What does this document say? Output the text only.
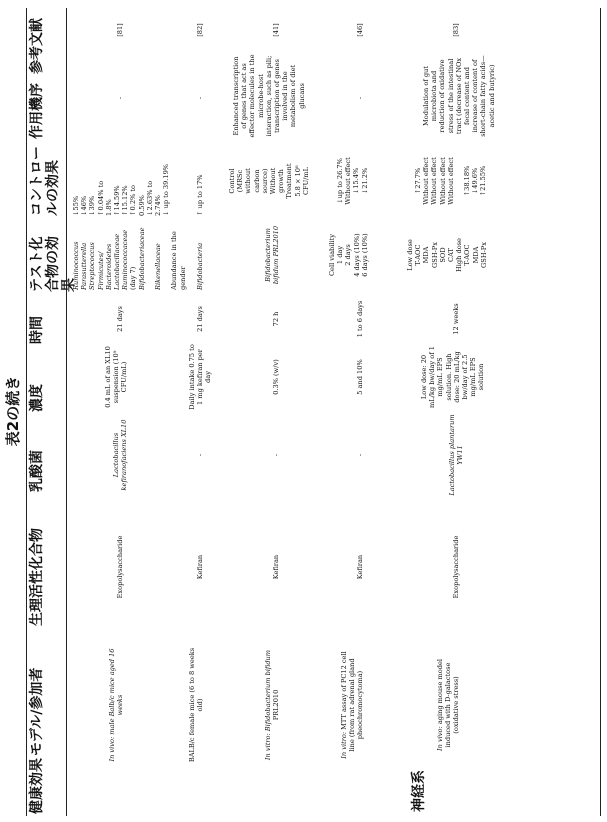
表2の続き
健康効果
モデル/参加者
生理活性化合物
乳酸菌
濃度
時間
テスト化合物の効果
コントロールの効果
作用機序
参考文献
In vivo: male Balb/c mice aged 16 weeks
Exopolysaccharide
Lactobacillus kefiranofaciens XL10
0.4 mL of an XL10 suspension (10⁹ CFU/mL)
21 days
Ruminococcus Parasutterella Streptococcus Firmicutes/ Bacteroidetes Lactobacillaceae Ruminococcaceae (day 7) Bifidobacteriaceae
Rikenellaceae
Abundance in the gender
↓55% ↓46% ↓39% ↑0.04% to 1.8% ↑14.59% ↑15.12% ↑0.2% to 0.59% ↓2.63% to 2.74% ↓ up to 39.19%
-
[81]
BALB/c female mice (6 to 8 weeks old)
Kefiran
-
Daily intake 0.75 to 1 mg kefiran per day
21 days
Bifidobacteria
↑ up to 17%
-
[82]
In vitro: Bifidobacterium bifidum PRL2010
Kefiran
-
0.3% (w/v)
72 h
Bifidobacterium bifidum PRL2010
Control (MRSc without carbon source) Without growth Treatment 5.8 × 10⁸ CFU/mL
Enhanced transcription of genes that act as effector molecules in the microbe-host interaction, such as pili; transcription of genes involved in the metabolism of diet glucans
[41]
In vitro: MTT assay of PC12 cell line (from rat adrenal gland pheochromocytoma)
Kefiran
-
5 and 10%
1 to 6 days
Cell viability 1 day 2 days 4 days (10%) 6 days (10%)
↓up to 26.7% Without effect ↓15.4% ↓21.2%
-
[46]
神経系
In vivo: aging mouse model induced with D-galactose (oxidative stress)
Exopolysaccharide
Lactobacillus plantarum YW11
Low dose: 20 mL/kg bw/day of 1 mg/mL EPS solution. High dose: 20 mL/kg bw/day of 2.5 mg/mL EPS solution
12 weeks
Low dose T-AOC MDA GSH-Px SOD CAT High dose T-AOC MDA GSH-Px
↑27.7% Without effect Without effect Without effect Without effect ↑38.18% ↓49.6% ↑21.55%
Modulation of gut microbiota and reduction of oxidative stress of the intestinal tract (decrease of NOx fecal content and increase of content of short-chain fatty acids—acetic and butyric)
[83]
